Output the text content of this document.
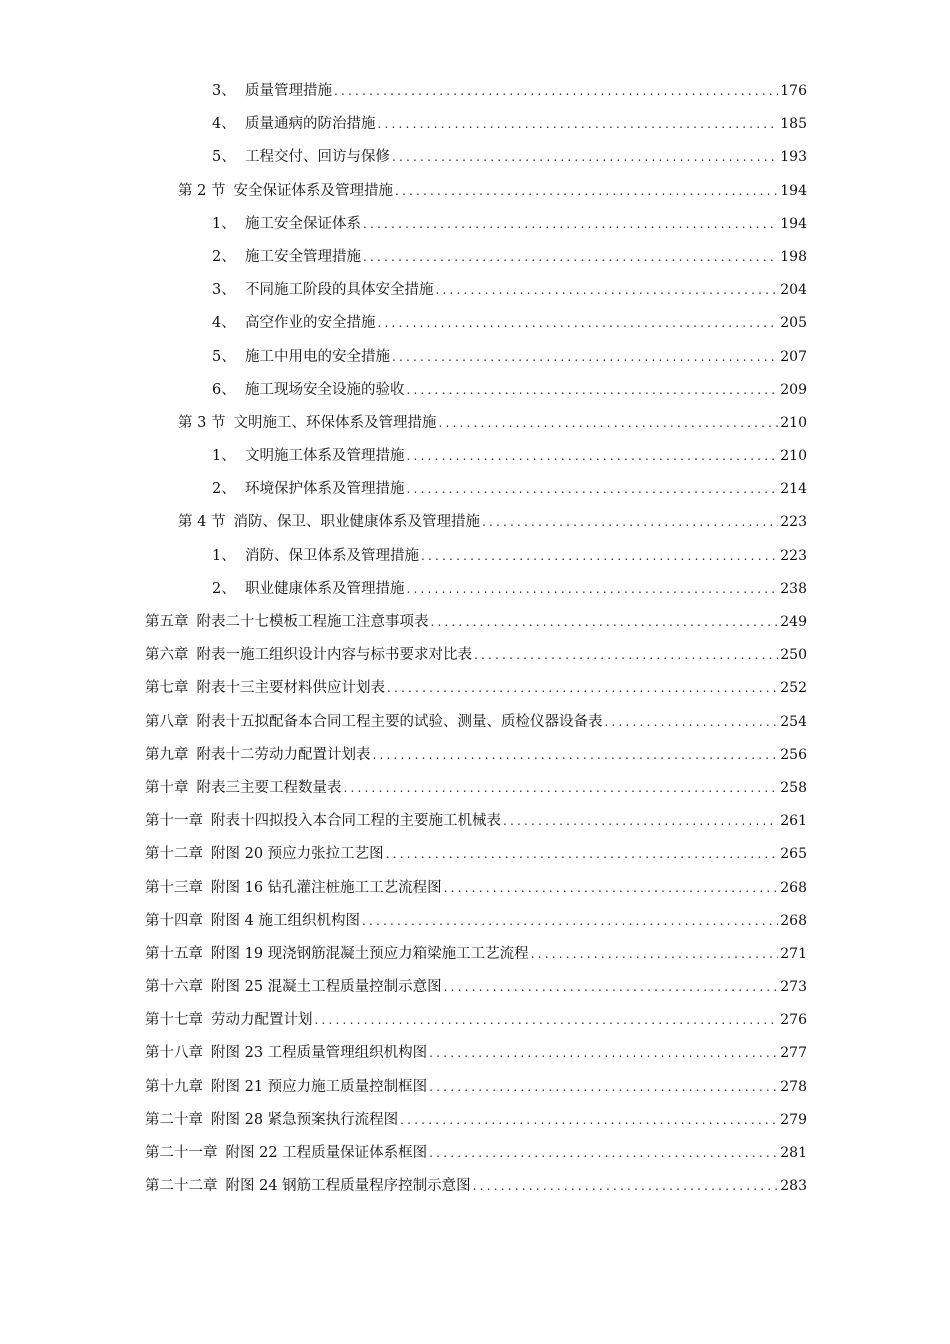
3、 质量管理措施 .....	176
4、 质量通病的防治措施 .....	185
5、 工程交付、回访与保修 .....	193
第 2 节 安全保证体系及管理措施 .....	194
1、 施工安全保证体系 .....	194
2、 施工安全管理措施 .....	198
3、 不同施工阶段的具体安全措施 .....	204
4、 高空作业的安全措施 .....	205
5、 施工中用电的安全措施 .....	207
6、 施工现场安全设施的验收 .....	209
第 3 节 文明施工、环保体系及管理措施 .....	210
1、 文明施工体系及管理措施 .....	210
2、 环境保护体系及管理措施 .....	214
第 4 节 消防、保卫、职业健康体系及管理措施 .....	223
1、 消防、保卫体系及管理措施 .....	223
2、 职业健康体系及管理措施 .....	238
第五章 附表二十七模板工程施工注意事项表 .....	249
第六章 附表一施工组织设计内容与标书要求对比表 .....	250
第七章 附表十三主要材料供应计划表 .....	252
第八章 附表十五拟配备本合同工程主要的试验、测量、质检仪器设备表 .....	254
第九章 附表十二劳动力配置计划表 .....	256
第十章 附表三主要工程数量表 .....	258
第十一章 附表十四拟投入本合同工程的主要施工机械表 .....	261
第十二章 附图 20 预应力张拉工艺图 .....	265
第十三章 附图 16 钻孔灌注桩施工工艺流程图 .....	268
第十四章 附图 4 施工组织机构图 .....	268
第十五章 附图 19 现浇钢筋混凝土预应力箱梁施工工艺流程 .....	271
第十六章 附图 25 混凝土工程质量控制示意图 .....	273
第十七章 劳动力配置计划 .....	276
第十八章 附图 23 工程质量管理组织机构图 .....	277
第十九章 附图 21 预应力施工质量控制框图 .....	278
第二十章 附图 28 紧急预案执行流程图 .....	279
第二十一章 附图 22 工程质量保证体系框图 .....	281
第二十二章 附图 24 钢筋工程质量程序控制示意图 .....	283
